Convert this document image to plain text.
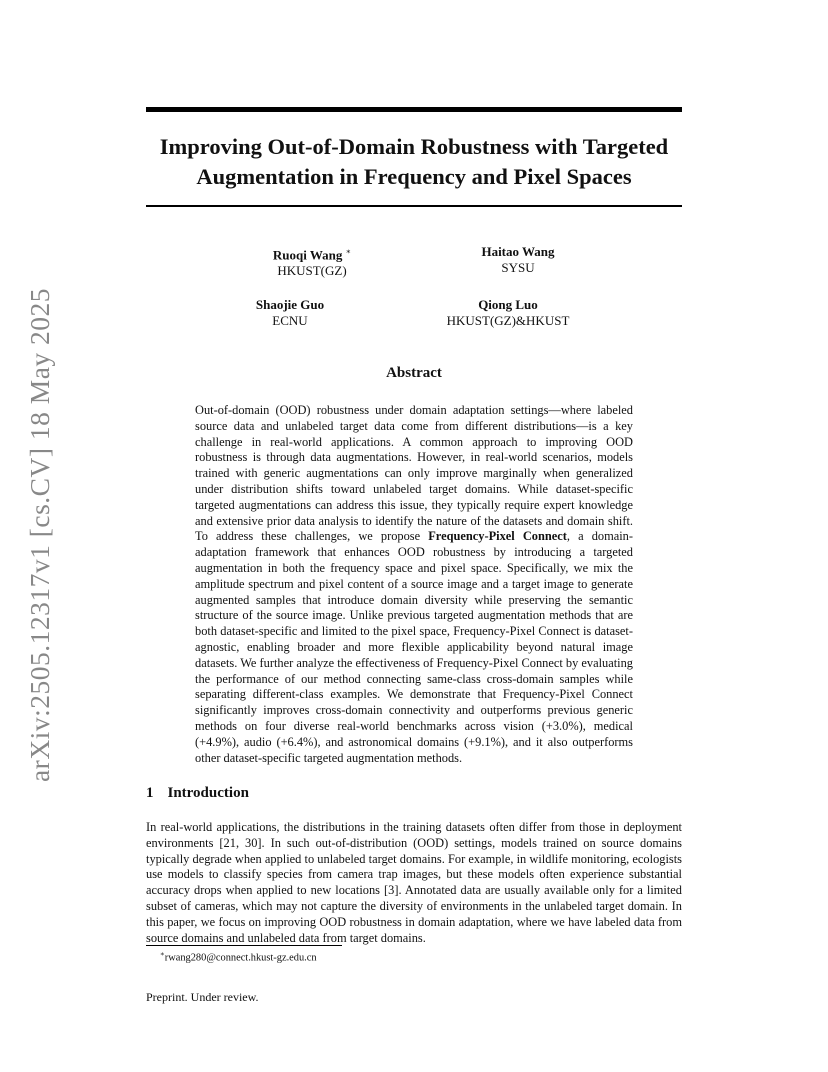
arXiv:2505.12317v1 [cs.CV] 18 May 2025
Improving Out-of-Domain Robustness with Targeted
Augmentation in Frequency and Pixel Spaces
Ruoqi Wang ∗
HKUST(GZ)
Haitao Wang
SYSU
Shaojie Guo
ECNU
Qiong Luo
HKUST(GZ)&HKUST
Abstract
Out-of-domain (OOD) robustness under domain adaptation settings—where labeled source data and unlabeled target data come from different distributions—is a key challenge in real-world applications. A common approach to improving OOD robustness is through data augmentations. However, in real-world scenarios, models trained with generic augmentations can only improve marginally when generalized under distribution shifts toward unlabeled target domains. While dataset-specific targeted augmentations can address this issue, they typically require expert knowledge and extensive prior data analysis to identify the nature of the datasets and domain shift. To address these challenges, we propose Frequency-Pixel Connect, a domain-adaptation framework that enhances OOD robustness by introducing a targeted augmentation in both the frequency space and pixel space. Specifically, we mix the amplitude spectrum and pixel content of a source image and a target image to generate augmented samples that introduce domain diversity while preserving the semantic structure of the source image. Unlike previous targeted augmentation methods that are both dataset-specific and limited to the pixel space, Frequency-Pixel Connect is dataset-agnostic, enabling broader and more flexible applicability beyond natural image datasets. We further analyze the effectiveness of Frequency-Pixel Connect by evaluating the performance of our method connecting same-class cross-domain samples while separating different-class examples. We demonstrate that Frequency-Pixel Connect significantly improves cross-domain connectivity and outperforms previous generic methods on four diverse real-world benchmarks across vision (+3.0%), medical (+4.9%), audio (+6.4%), and astronomical domains (+9.1%), and it also outperforms other dataset-specific targeted augmentation methods.
1 Introduction
In real-world applications, the distributions in the training datasets often differ from those in deployment environments [21, 30]. In such out-of-distribution (OOD) settings, models trained on source domains typically degrade when applied to unlabeled target domains. For example, in wildlife monitoring, ecologists use models to classify species from camera trap images, but these models often experience substantial accuracy drops when applied to new locations [3]. Annotated data are usually available only for a limited subset of cameras, which may not capture the diversity of environments in the unlabeled target domain. In this paper, we focus on improving OOD robustness in domain adaptation, where we have labeled data from source domains and unlabeled data from target domains.
∗rwang280@connect.hkust-gz.edu.cn
Preprint. Under review.
